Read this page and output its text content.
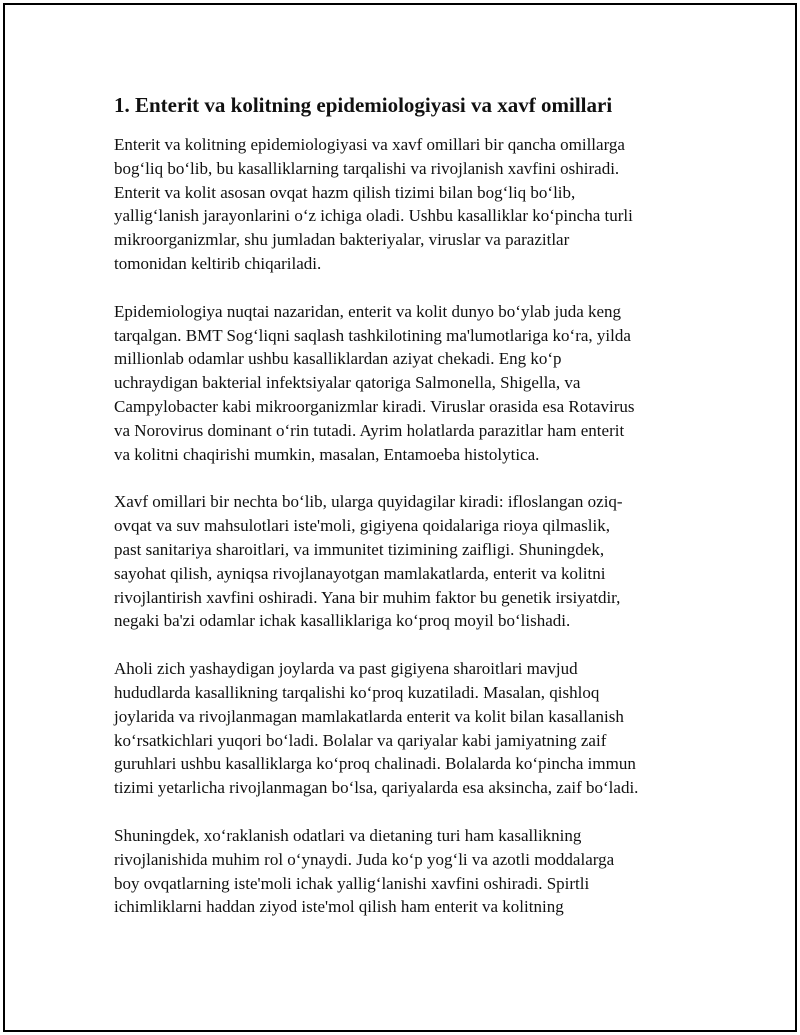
1. Enterit va kolitning epidemiologiyasi va xavf omillari

Enterit va kolitning epidemiologiyasi va xavf omillari bir qancha omillarga
bog‘liq bo‘lib, bu kasalliklarning tarqalishi va rivojlanish xavfini oshiradi.
Enterit va kolit asosan ovqat hazm qilish tizimi bilan bog‘liq bo‘lib,
yallig‘lanish jarayonlarini o‘z ichiga oladi. Ushbu kasalliklar ko‘pincha turli
mikroorganizmlar, shu jumladan bakteriyalar, viruslar va parazitlar
tomonidan keltirib chiqariladi.

Epidemiologiya nuqtai nazaridan, enterit va kolit dunyo bo‘ylab juda keng
tarqalgan. BMT Sog‘liqni saqlash tashkilotining ma'lumotlariga ko‘ra, yilda
millionlab odamlar ushbu kasalliklardan aziyat chekadi. Eng ko‘p
uchraydigan bakterial infektsiyalar qatoriga Salmonella, Shigella, va
Campylobacter kabi mikroorganizmlar kiradi. Viruslar orasida esa Rotavirus
va Norovirus dominant o‘rin tutadi. Ayrim holatlarda parazitlar ham enterit
va kolitni chaqirishi mumkin, masalan, Entamoeba histolytica.

Xavf omillari bir nechta bo‘lib, ularga quyidagilar kiradi: ifloslangan oziq-
ovqat va suv mahsulotlari iste'moli, gigiyena qoidalariga rioya qilmaslik,
past sanitariya sharoitlari, va immunitet tizimining zaifligi. Shuningdek,
sayohat qilish, ayniqsa rivojlanayotgan mamlakatlarda, enterit va kolitni
rivojlantirish xavfini oshiradi. Yana bir muhim faktor bu genetik irsiyatdir,
negaki ba'zi odamlar ichak kasalliklariga ko‘proq moyil bo‘lishadi.

Aholi zich yashaydigan joylarda va past gigiyena sharoitlari mavjud
hududlarda kasallikning tarqalishi ko‘proq kuzatiladi. Masalan, qishloq
joylarida va rivojlanmagan mamlakatlarda enterit va kolit bilan kasallanish
ko‘rsatkichlari yuqori bo‘ladi. Bolalar va qariyalar kabi jamiyatning zaif
guruhlari ushbu kasalliklarga ko‘proq chalinadi. Bolalarda ko‘pincha immun
tizimi yetarlicha rivojlanmagan bo‘lsa, qariyalarda esa aksincha, zaif bo‘ladi.

Shuningdek, xo‘raklanish odatlari va dietaning turi ham kasallikning
rivojlanishida muhim rol o‘ynaydi. Juda ko‘p yog‘li va azotli moddalarga
boy ovqatlarning iste'moli ichak yallig‘lanishi xavfini oshiradi. Spirtli
ichimliklarni haddan ziyod iste'mol qilish ham enterit va kolitning
